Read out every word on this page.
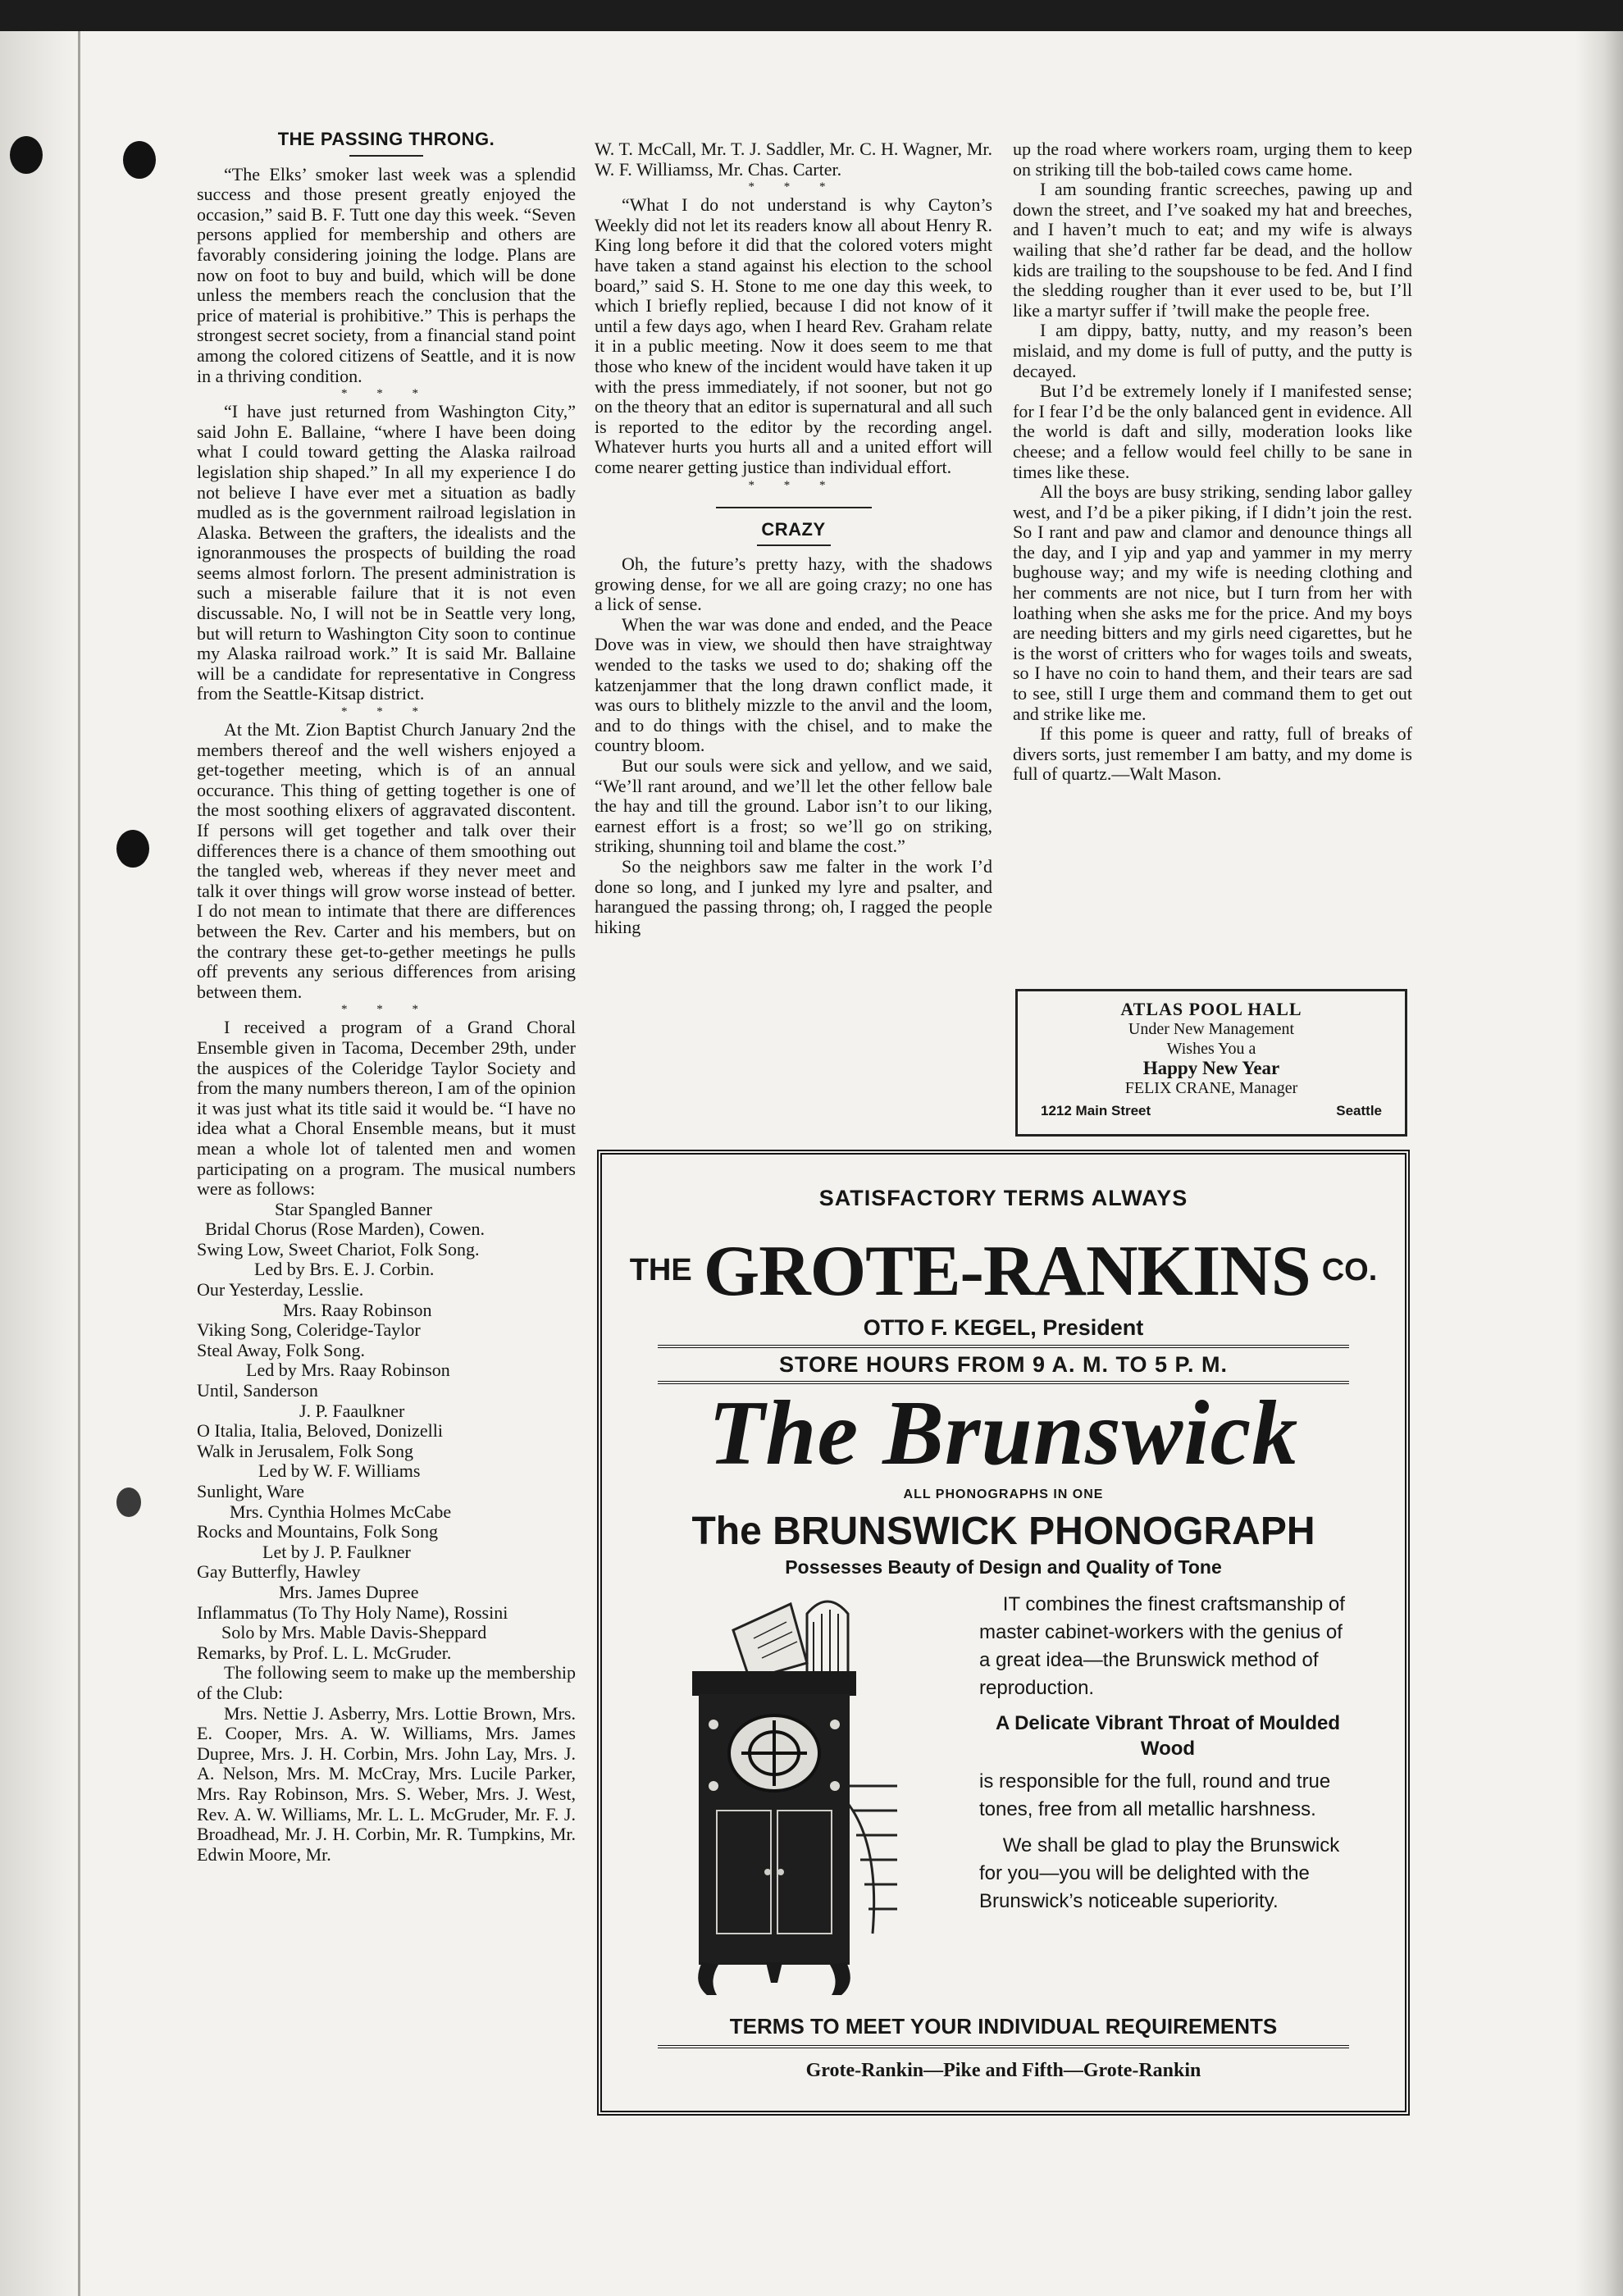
THE PASSING THRONG.

“The Elks’ smoker last week was a splendid success and those present greatly enjoyed the occasion,” said B. F. Tutt one day this week. “Seven persons applied for membership and others are favorably considering joining the lodge. Plans are now on foot to buy and build, which will be done unless the members reach the conclusion that the price of material is prohibitive.” This is perhaps the strongest secret society, from a financial stand point among the colored citizens of Seattle, and it is now in a thriving condition.

* * *

“I have just returned from Washington City,” said John E. Ballaine, “where I have been doing what I could toward getting the Alaska railroad legislation ship shaped.” In all my experience I do not believe I have ever met a situation as badly mudled as is the government railroad legislation in Alaska. Between the grafters, the idealists and the ignoranmouses the prospects of building the road seems almost forlorn. The present administration is such a miserable failure that it is not even discussable. No, I will not be in Seattle very long, but will return to Washington City soon to continue my Alaska railroad work.” It is said Mr. Ballaine will be a candidate for representative in Congress from the Seattle-Kitsap district.

* * *

At the Mt. Zion Baptist Church January 2nd the members thereof and the well wishers enjoyed a get-together meeting, which is of an annual occurance. This thing of getting together is one of the most soothing elixers of aggravated discontent. If persons will get together and talk over their differences there is a chance of them smoothing out the tangled web, whereas if they never meet and talk it over things will grow worse instead of better. I do not mean to intimate that there are differences between the Rev. Carter and his members, but on the contrary these get-to-gether meetings he pulls off prevents any serious differences from arising between them.

* * *

I received a program of a Grand Choral Ensemble given in Tacoma, December 29th, under the auspices of the Coleridge Taylor Society and from the many numbers thereon, I am of the opinion it was just what its title said it would be. “I have no idea what a Choral Ensemble means, but it must mean a whole lot of talented men and women participating on a program. The musical numbers were as follows:

Star Spangled Banner
Bridal Chorus (Rose Marden), Cowen.
Swing Low, Sweet Chariot, Folk Song.
Led by Brs. E. J. Corbin.
Our Yesterday, Lesslie.
Mrs. Raay Robinson
Viking Song, Coleridge-Taylor
Steal Away, Folk Song.
Led by Mrs. Raay Robinson
Until, Sanderson
J. P. Faaulkner
O Italia, Italia, Beloved, Donizelli
Walk in Jerusalem, Folk Song
Led by W. F. Williams
Sunlight, Ware
Mrs. Cynthia Holmes McCabe
Rocks and Mountains, Folk Song
Let by J. P. Faulkner
Gay Butterfly, Hawley
Mrs. James Dupree
Inflammatus (To Thy Holy Name), Rossini
Solo by Mrs. Mable Davis-Sheppard
Remarks, by Prof. L. L. McGruder.

The following seem to make up the membership of the Club:

Mrs. Nettie J. Asberry, Mrs. Lottie Brown, Mrs. E. Cooper, Mrs. A. W. Williams, Mrs. James Dupree, Mrs. J. H. Corbin, Mrs. John Lay, Mrs. J. A. Nelson, Mrs. M. McCray, Mrs. Lucile Parker, Mrs. Ray Robinson, Mrs. S. Weber, Mrs. J. West, Rev. A. W. Williams, Mr. L. L. McGruder, Mr. F. J. Broadhead, Mr. J. H. Corbin, Mr. R. Tumpkins, Mr. Edwin Moore, Mr.

W. T. McCall, Mr. T. J. Saddler, Mr. C. H. Wagner, Mr. W. F. Williamss, Mr. Chas. Carter.

* * *

“What I do not understand is why Cayton’s Weekly did not let its readers know all about Henry R. King long before it did that the colored voters might have taken a stand against his election to the school board,” said S. H. Stone to me one day this week, to which I briefly replied, because I did not know of it until a few days ago, when I heard Rev. Graham relate it in a public meeting. Now it does seem to me that those who knew of the incident would have taken it up with the press immediately, if not sooner, but not go on the theory that an editor is supernatural and all such is reported to the editor by the recording angel. Whatever hurts you hurts all and a united effort will come nearer getting justice than individual effort.

* * *
CRAZY

Oh, the future’s pretty hazy, with the shadows growing dense, for we all are going crazy; no one has a lick of sense.

When the war was done and ended, and the Peace Dove was in view, we should then have straightway wended to the tasks we used to do; shaking off the katzenjammer that the long drawn conflict made, it was ours to blithely mizzle to the anvil and the loom, and to do things with the chisel, and to make the country bloom.

But our souls were sick and yellow, and we said, “We’ll rant around, and we’ll let the other fellow bale the hay and till the ground. Labor isn’t to our liking, earnest effort is a frost; so we’ll go on striking, striking, shunning toil and blame the cost.”

So the neighbors saw me falter in the work I’d done so long, and I junked my lyre and psalter, and harangued the passing throng; oh, I ragged the people hiking

up the road where workers roam, urging them to keep on striking till the bob-tailed cows came home.

I am sounding frantic screeches, pawing up and down the street, and I’ve soaked my hat and breeches, and I haven’t much to eat; and my wife is always wailing that she’d rather far be dead, and the hollow kids are trailing to the soupshouse to be fed. And I find the sledding rougher than it ever used to be, but I’ll like a martyr suffer if ’twill make the people free.

I am dippy, batty, nutty, and my reason’s been mislaid, and my dome is full of putty, and the putty is decayed.

But I’d be extremely lonely if I manifested sense; for I fear I’d be the only balanced gent in evidence. All the world is daft and silly, moderation looks like cheese; and a fellow would feel chilly to be sane in times like these.

All the boys are busy striking, sending labor galley west, and I’d be a piker piking, if I didn’t join the rest. So I rant and paw and clamor and denounce things all the day, and I yip and yap and yammer in my merry bughouse way; and my wife is needing clothing and her comments are not nice, but I turn from her with loathing when she asks me for the price. And my boys are needing bitters and my girls need cigarettes, but he is the worst of critters who for wages toils and sweats, so I have no coin to hand them, and their tears are sad to see, still I urge them and command them to get out and strike like me.

If this pome is queer and ratty, full of breaks of divers sorts, just remember I am batty, and my dome is full of quartz.—Walt Mason.

ATLAS POOL HALL
Under New Management
Wishes You a
Happy New Year
FELIX CRANE, Manager
1212 Main Street	Seattle
SATISFACTORY TERMS ALWAYS
THE GROTE-RANKINS CO.
OTTO F. KEGEL, President
STORE HOURS FROM 9 A. M. TO 5 P. M.
The Brunswick
ALL PHONOGRAPHS IN ONE
The BRUNSWICK PHONOGRAPH
Possesses Beauty of Design and Quality of Tone

IT combines the finest craftsmanship of master cabinet-workers with the genius of a great idea—the Brunswick method of reproduction.

A Delicate Vibrant Throat of Moulded Wood

is responsible for the full, round and true tones, free from all metallic harshness.

We shall be glad to play the Brunswick for you—you will be delighted with the Brunswick’s noticeable superiority.

TERMS TO MEET YOUR INDIVIDUAL REQUIREMENTS
Grote-Rankin—Pike and Fifth—Grote-Rankin
